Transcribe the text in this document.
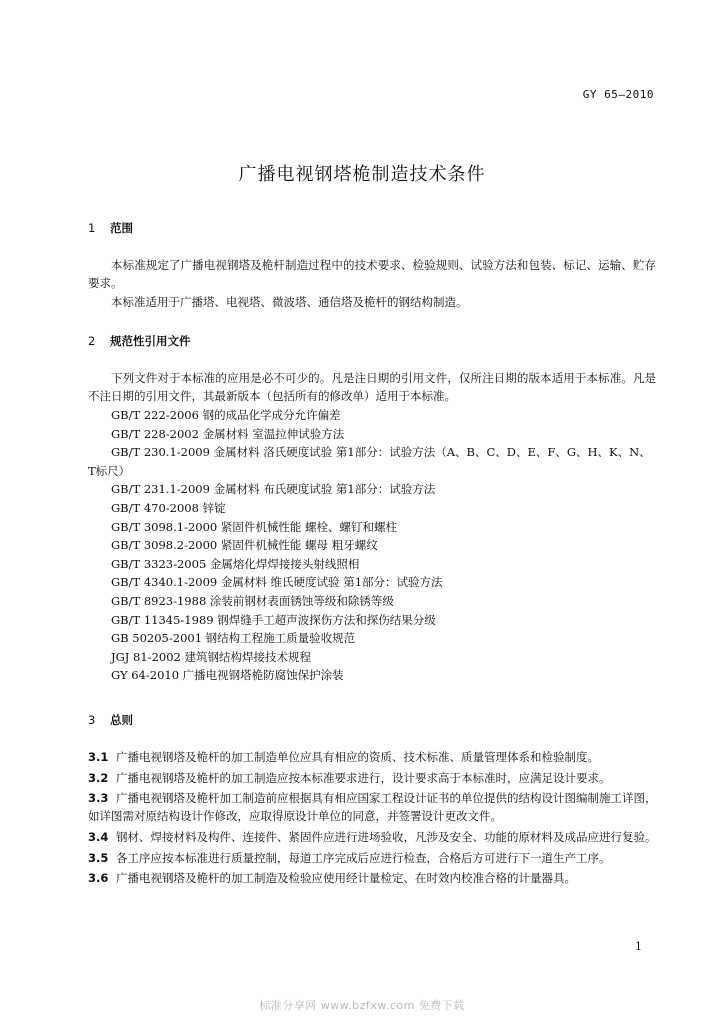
GY 65—2010
广播电视钢塔桅制造技术条件
1 范围
本标准规定了广播电视钢塔及桅杆制造过程中的技术要求、检验规则、试验方法和包装、标记、运输、贮存要求。
本标准适用于广播塔、电视塔、微波塔、通信塔及桅杆的钢结构制造。
2 规范性引用文件
下列文件对于本标准的应用是必不可少的。凡是注日期的引用文件，仅所注日期的版本适用于本标准。凡是不注日期的引用文件，其最新版本（包括所有的修改单）适用于本标准。
GB/T 222-2006 钢的成品化学成分允许偏差
GB/T 228-2002 金属材料 室温拉伸试验方法
GB/T 230.1-2009 金属材料 洛氏硬度试验 第1部分：试验方法（A、B、C、D、E、F、G、H、K、N、T标尺）
GB/T 231.1-2009 金属材料 布氏硬度试验 第1部分：试验方法
GB/T 470-2008 锌锭
GB/T 3098.1-2000 紧固件机械性能 螺栓、螺钉和螺柱
GB/T 3098.2-2000 紧固件机械性能 螺母 粗牙螺纹
GB/T 3323-2005 金属熔化焊焊接接头射线照相
GB/T 4340.1-2009 金属材料 维氏硬度试验 第1部分：试验方法
GB/T 8923-1988 涂装前钢材表面锈蚀等级和除锈等级
GB/T 11345-1989 钢焊缝手工超声波探伤方法和探伤结果分级
GB 50205-2001 钢结构工程施工质量验收规范
JGJ 81-2002 建筑钢结构焊接技术规程
GY 64-2010 广播电视钢塔桅防腐蚀保护涂装
3 总则
3.1 广播电视钢塔及桅杆的加工制造单位应具有相应的资质、技术标准、质量管理体系和检验制度。
3.2 广播电视钢塔及桅杆的加工制造应按本标准要求进行，设计要求高于本标准时，应满足设计要求。
3.3 广播电视钢塔及桅杆加工制造前应根据具有相应国家工程设计证书的单位提供的结构设计图编制施工详图，如详图需对原结构设计作修改，应取得原设计单位的同意，并签署设计更改文件。
3.4 钢材、焊接材料及构件、连接件、紧固件应进行进场验收，凡涉及安全、功能的原材料及成品应进行复验。
3.5 各工序应按本标准进行质量控制，每道工序完成后应进行检查，合格后方可进行下一道生产工序。
3.6 广播电视钢塔及桅杆的加工制造及检验应使用经计量检定、在时效内校准合格的计量器具。
1
标准分享网 www.bzfxw.com 免费下载
